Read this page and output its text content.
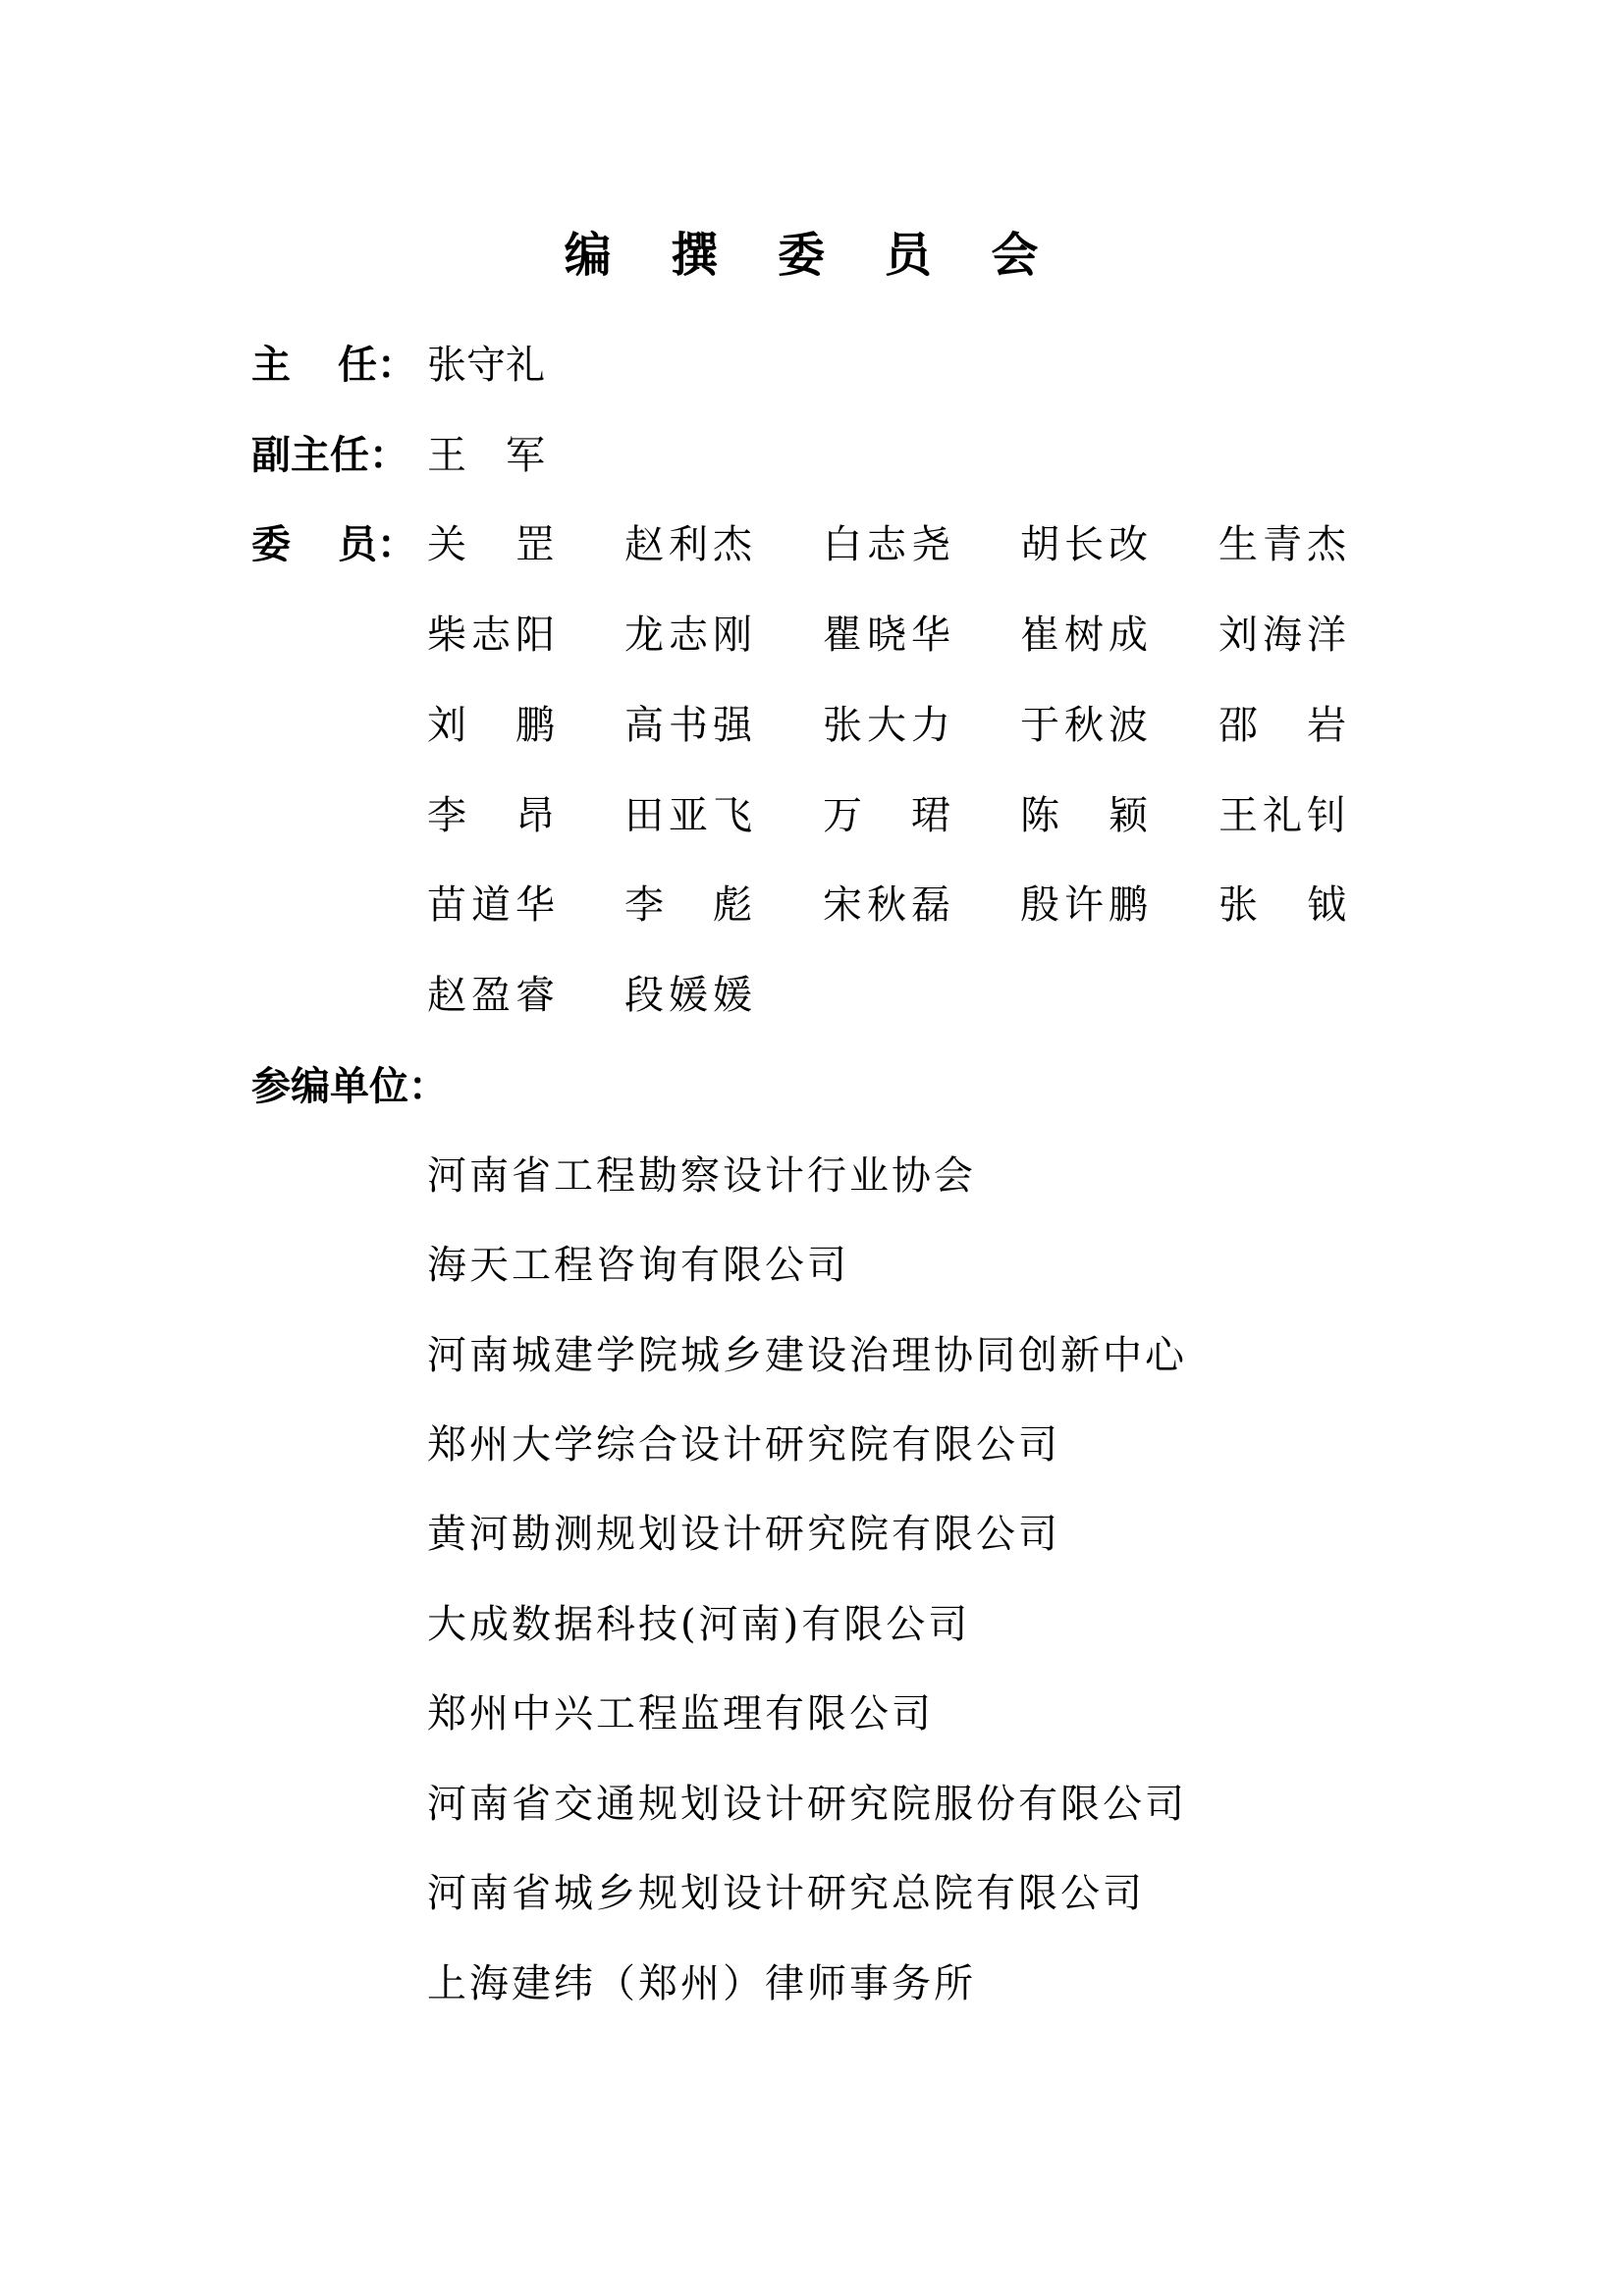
编 撰 委 员 会
主 任 ： 张守礼
副主任： 王　军
委 员 ： 关
　 罡 赵 利 杰 白 志 尧 胡 长 改 生 青 杰
柴 志 阳 龙 志 刚 瞿 晓 华 崔 树 成 刘 海 洋
刘
　 鹏 高 书 强 张 大 力 于 秋 波 邵
　 岩
李
　 昂 田 亚 飞 万
　 珺 陈
　 颖 王 礼 钊
苗 道 华 李
　 彪 宋 秋 磊 殷 许 鹏 张
　 钺
赵 盈 睿 段 媛 媛
参编单位：
河南省工程勘察设计行业协会
海天工程咨询有限公司
河南城建学院城乡建设治理协同创新中心
郑州大学综合设计研究院有限公司
黄河勘测规划设计研究院有限公司
大成数据科技(河南)有限公司
郑州中兴工程监理有限公司
河南省交通规划设计研究院服份有限公司
河南省城乡规划设计研究总院有限公司
上海建纬（郑州）律师事务所
